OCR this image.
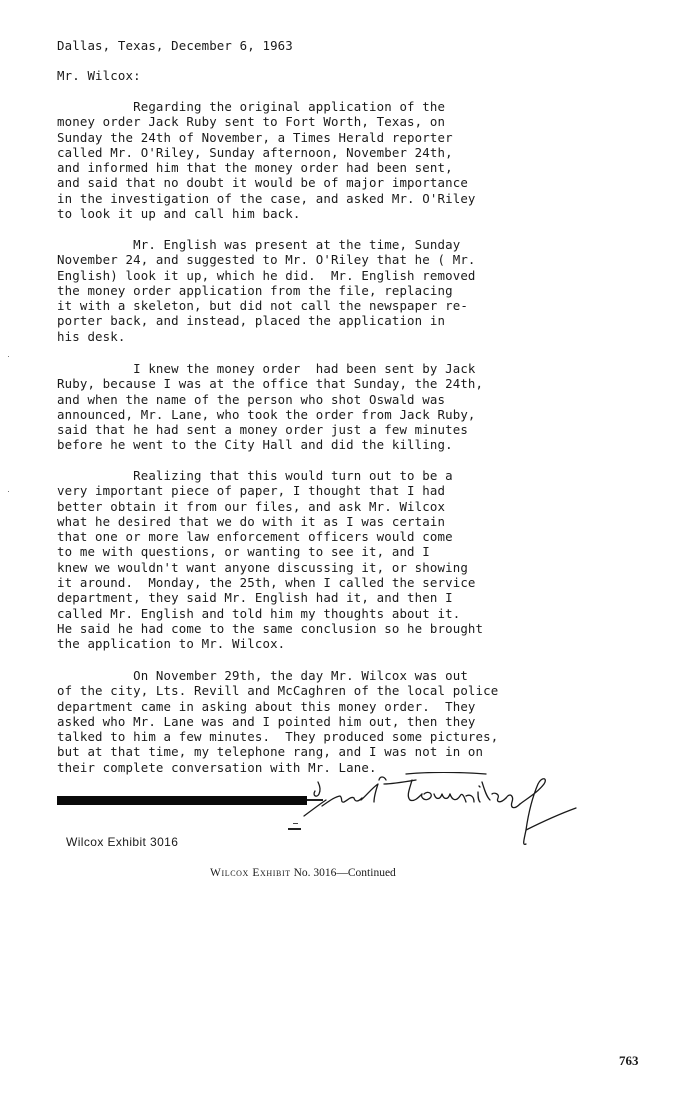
Dallas, Texas, December 6, 1963
Mr. Wilcox:
Regarding the original application of the
money order Jack Ruby sent to Fort Worth, Texas, on
Sunday the 24th of November, a Times Herald reporter
called Mr. O'Riley, Sunday afternoon, November 24th,
and informed him that the money order had been sent,
and said that no doubt it would be of major importance
in the investigation of the case, and asked Mr. O'Riley
to look it up and call him back.
Mr. English was present at the time, Sunday
November 24, and suggested to Mr. O'Riley that he ( Mr.
English) look it up, which he did.  Mr. English removed
the money order application from the file, replacing
it with a skeleton, but did not call the newspaper re-
porter back, and instead, placed the application in
his desk.
I knew the money order  had been sent by Jack
Ruby, because I was at the office that Sunday, the 24th,
and when the name of the person who shot Oswald was
announced, Mr. Lane, who took the order from Jack Ruby,
said that he had sent a money order just a few minutes
before he went to the City Hall and did the killing.
Realizing that this would turn out to be a
very important piece of paper, I thought that I had
better obtain it from our files, and ask Mr. Wilcox
what he desired that we do with it as I was certain
that one or more law enforcement officers would come
to me with questions, or wanting to see it, and I
knew we wouldn't want anyone discussing it, or showing
it around.  Monday, the 25th, when I called the service
department, they said Mr. English had it, and then I
called Mr. English and told him my thoughts about it.
He said he had come to the same conclusion so he brought
the application to Mr. Wilcox.
On November 29th, the day Mr. Wilcox was out
of the city, Lts. Revill and McCaghren of the local police
department came in asking about this money order.  They
asked who Mr. Lane was and I pointed him out, then they
talked to him a few minutes.  They produced some pictures,
but at that time, my telephone rang, and I was not in on
their complete conversation with Mr. Lane.
Wilcox Exhibit 3016
Wilcox Exhibit No. 3016—Continued
763
